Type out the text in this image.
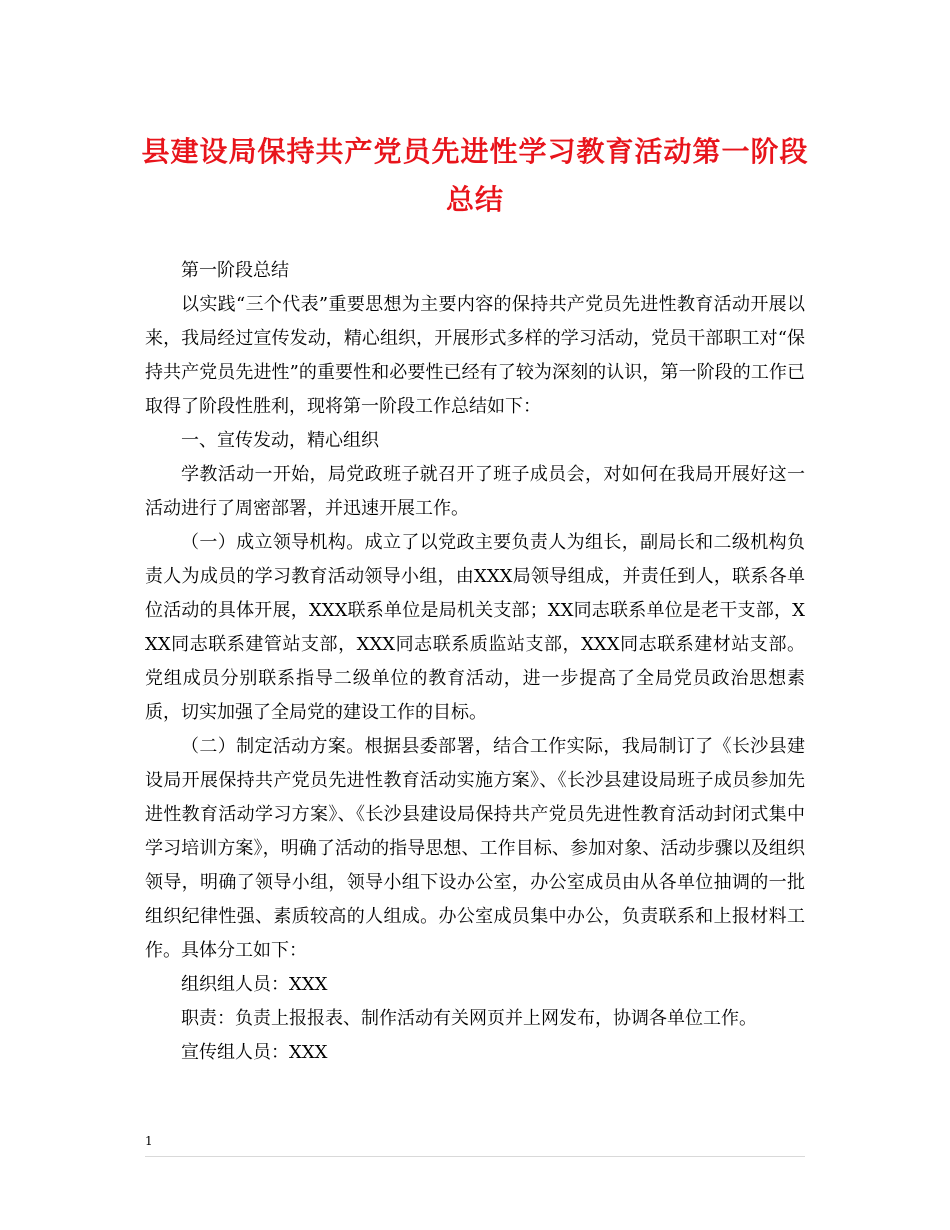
县建设局保持共产党员先进性学习教育活动第一阶段总结

第一阶段总结

以实践“三个代表”重要思想为主要内容的保持共产党员先进性教育活动开展以来，我局经过宣传发动，精心组织，开展形式多样的学习活动，党员干部职工对“保持共产党员先进性”的重要性和必要性已经有了较为深刻的认识，第一阶段的工作已取得了阶段性胜利，现将第一阶段工作总结如下：

一、宣传发动，精心组织

学教活动一开始，局党政班子就召开了班子成员会，对如何在我局开展好这一活动进行了周密部署，并迅速开展工作。

（一）成立领导机构。成立了以党政主要负责人为组长，副局长和二级机构负责人为成员的学习教育活动领导小组，由XXX局领导组成，并责任到人，联系各单位活动的具体开展，XXX联系单位是局机关支部；XX同志联系单位是老干支部，XXX同志联系建管站支部，XXX同志联系质监站支部，XXX同志联系建材站支部。党组成员分别联系指导二级单位的教育活动，进一步提高了全局党员政治思想素质，切实加强了全局党的建设工作的目标。

（二）制定活动方案。根据县委部署，结合工作实际，我局制订了《长沙县建设局开展保持共产党员先进性教育活动实施方案》、《长沙县建设局班子成员参加先进性教育活动学习方案》、《长沙县建设局保持共产党员先进性教育活动封闭式集中学习培训方案》，明确了活动的指导思想、工作目标、参加对象、活动步骤以及组织领导，明确了领导小组，领导小组下设办公室，办公室成员由从各单位抽调的一批组织纪律性强、素质较高的人组成。办公室成员集中办公，负责联系和上报材料工作。具体分工如下：

组织组人员：XXX

职责：负责上报报表、制作活动有关网页并上网发布，协调各单位工作。

宣传组人员：XXX

1
